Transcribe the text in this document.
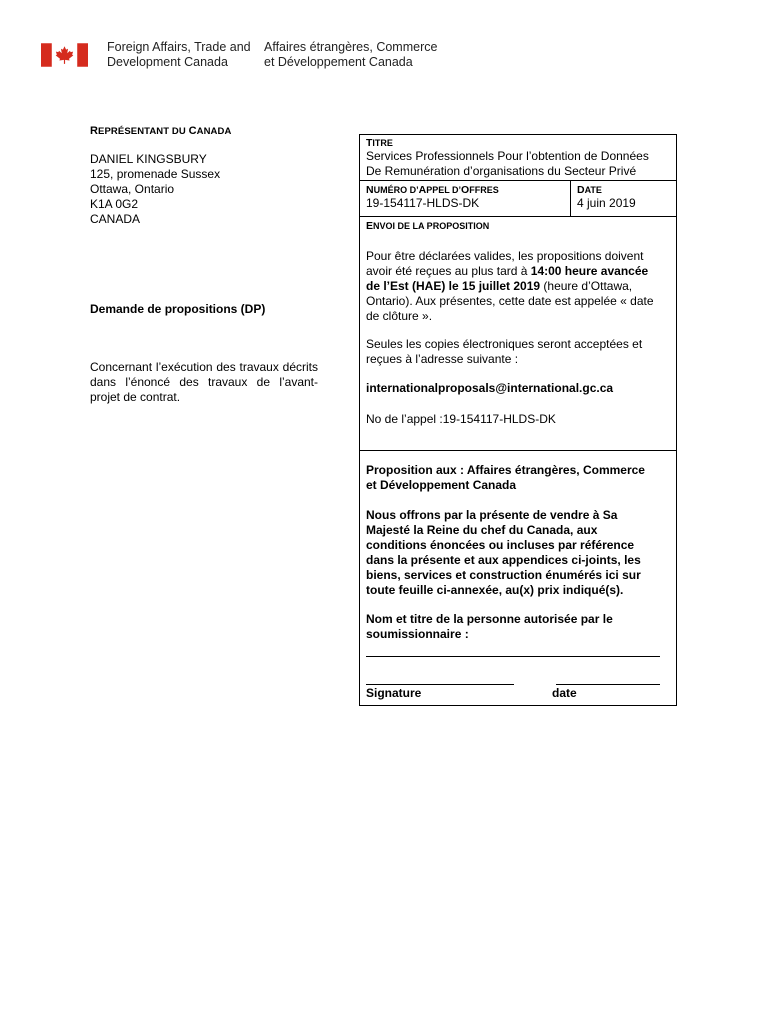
Foreign Affairs, Trade and
Development Canada
Affaires étrangères, Commerce
et Développement Canada
REPRÉSENTANT DU CANADA
DANIEL KINGSBURY
125, promenade Sussex
Ottawa, Ontario
K1A 0G2
CANADA
Demande de propositions (DP)
Concernant l’exécution des travaux décrits dans l’énoncé des travaux de l’avant-projet de contrat.
TITRE
Services Professionnels Pour l’obtention de Données
De Remunération d’organisations du Secteur Privé
NUMÉRO D’APPEL D’OFFRES
19-154117-HLDS-DK
DATE
4 juin 2019
ENVOI DE LA PROPOSITION
Pour être déclarées valides, les propositions doivent
avoir été reçues au plus tard à 14:00 heure avancée
de l’Est (HAE) le 15 juillet 2019 (heure d’Ottawa,
Ontario). Aux présentes, cette date est appelée « date
de clôture ».
Seules les copies électroniques seront acceptées et
reçues à l’adresse suivante :
internationalproposals@international.gc.ca
No de l’appel :19-154117-HLDS-DK
Proposition aux : Affaires étrangères, Commerce
et Développement Canada
Nous offrons par la présente de vendre à Sa
Majesté la Reine du chef du Canada, aux
conditions énoncées ou incluses par référence
dans la présente et aux appendices ci-joints, les
biens, services et construction énumérés ici sur
toute feuille ci-annexée, au(x) prix indiqué(s).
Nom et titre de la personne autorisée par le
soumissionnaire :
Signature	date
